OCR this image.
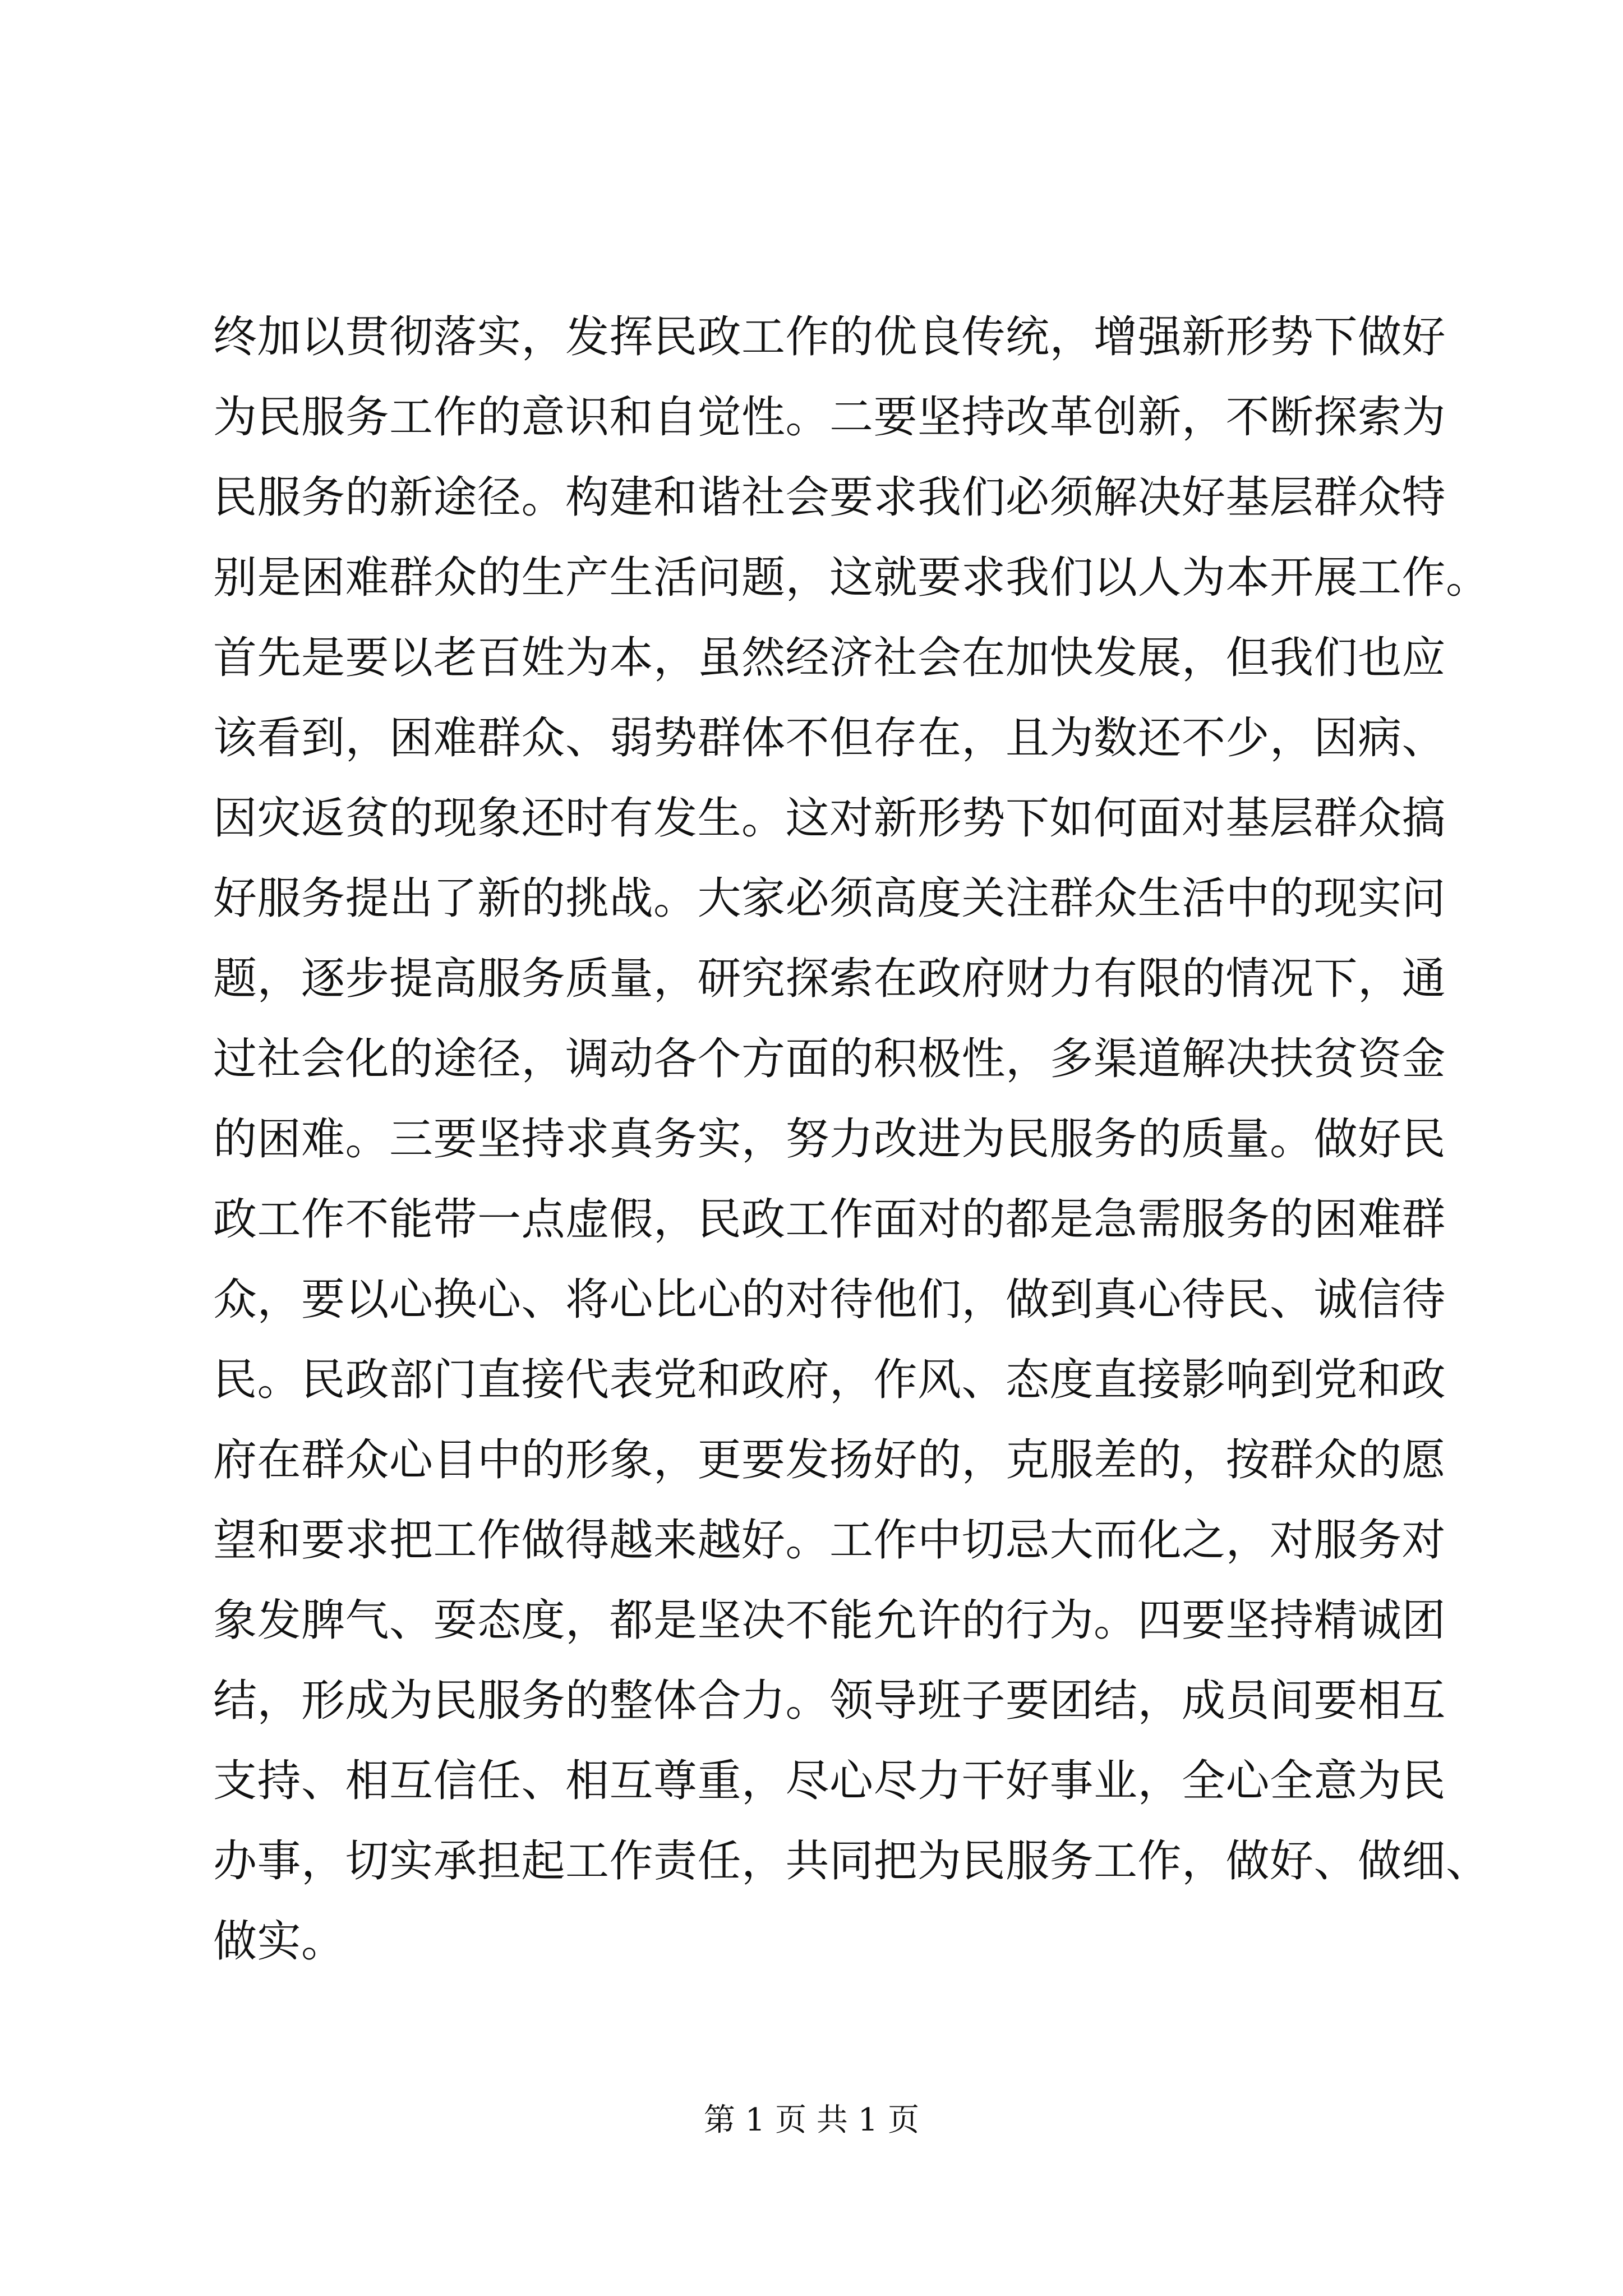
终加以贯彻落实，发挥民政工作的优良传统，增强新形势下做好
为民服务工作的意识和自觉性。二要坚持改革创新，不断探索为
民服务的新途径。构建和谐社会要求我们必须解决好基层群众特
别是困难群众的生产生活问题，这就要求我们以人为本开展工作。
首先是要以老百姓为本，虽然经济社会在加快发展，但我们也应
该看到，困难群众、弱势群体不但存在，且为数还不少，因病、
因灾返贫的现象还时有发生。这对新形势下如何面对基层群众搞
好服务提出了新的挑战。大家必须高度关注群众生活中的现实问
题，逐步提高服务质量，研究探索在政府财力有限的情况下，通
过社会化的途径，调动各个方面的积极性，多渠道解决扶贫资金
的困难。三要坚持求真务实，努力改进为民服务的质量。做好民
政工作不能带一点虚假，民政工作面对的都是急需服务的困难群
众，要以心换心、将心比心的对待他们，做到真心待民、诚信待
民。民政部门直接代表党和政府，作风、态度直接影响到党和政
府在群众心目中的形象，更要发扬好的，克服差的，按群众的愿
望和要求把工作做得越来越好。工作中切忌大而化之，对服务对
象发脾气、耍态度，都是坚决不能允许的行为。四要坚持精诚团
结，形成为民服务的整体合力。领导班子要团结，成员间要相互
支持、相互信任、相互尊重，尽心尽力干好事业，全心全意为民
办事，切实承担起工作责任，共同把为民服务工作，做好、做细、
做实。
第 1 页 共 1 页
